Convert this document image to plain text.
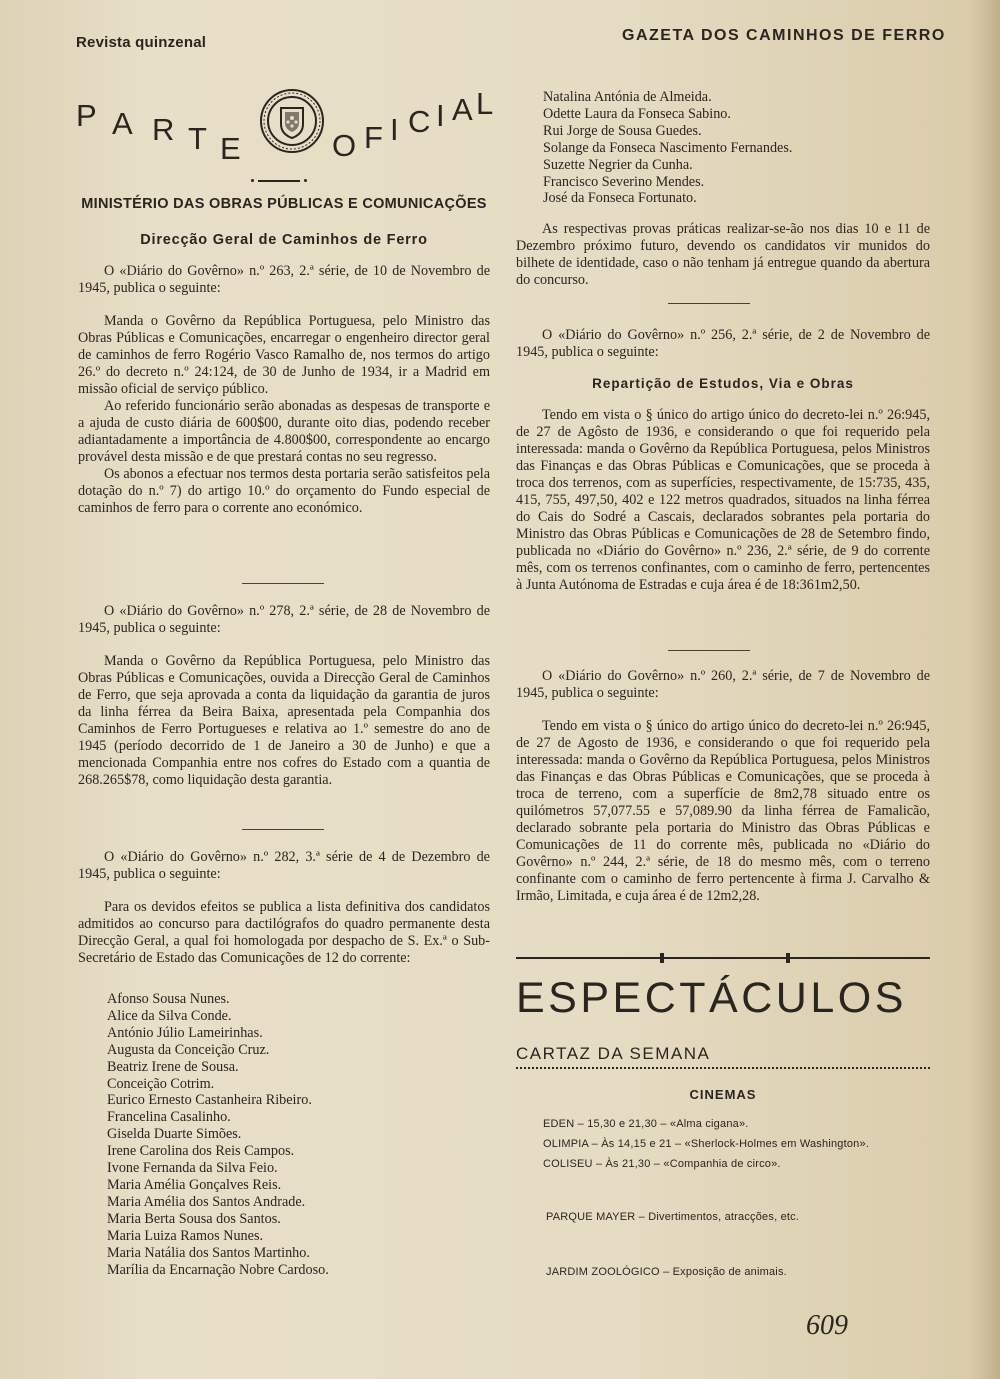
Revista quinzenal	GAZETA DOS CAMINHOS DE FERRO
P A R T E	O F I C I A L
MINISTÉRIO DAS OBRAS PÚBLICAS E COMUNICAÇÕES
Direcção Geral de Caminhos de Ferro

O «Diário do Govêrno» n.º 263, 2.ª série, de 10 de Novembro de 1945, publica o seguinte:

Manda o Govêrno da República Portuguesa, pelo Ministro das Obras Públicas e Comunicações, encarregar o engenheiro director geral de caminhos de ferro Rogério Vasco Ramalho de, nos termos do artigo 26.º do decreto n.º 24:124, de 30 de Junho de 1934, ir a Madrid em missão oficial de serviço público.

Ao referido funcionário serão abonadas as despesas de transporte e a ajuda de custo diária de 600$00, durante oito dias, podendo receber adiantadamente a importância de 4.800$00, correspondente ao encargo provável desta missão e de que prestará contas no seu regresso.

Os abonos a efectuar nos termos desta portaria serão satisfeitos pela dotação do n.º 7) do artigo 10.º do orçamento do Fundo especial de caminhos de ferro para o corrente ano económico.

O «Diário do Govêrno» n.º 278, 2.ª série, de 28 de Novembro de 1945, publica o seguinte:

Manda o Govêrno da República Portuguesa, pelo Ministro das Obras Públicas e Comunicações, ouvida a Direcção Geral de Caminhos de Ferro, que seja aprovada a conta da liquidação da garantia de juros da linha férrea da Beira Baixa, apresentada pela Companhia dos Caminhos de Ferro Portugueses e relativa ao 1.º semestre do ano de 1945 (período decorrido de 1 de Janeiro a 30 de Junho) e que a mencionada Companhia entre nos cofres do Estado com a quantia de 268.265$78, como liquidação desta garantia.

O «Diário do Govêrno» n.º 282, 3.ª série de 4 de Dezembro de 1945, publica o seguinte:

Para os devidos efeitos se publica a lista definitiva dos candidatos admitidos ao concurso para dactilógrafos do quadro permanente desta Direcção Geral, a qual foi homologada por despacho de S. Ex.ª o Sub-Secretário de Estado das Comunicações de 12 do corrente:

Afonso Sousa Nunes.
Alice da Silva Conde.
António Júlio Lameirinhas.
Augusta da Conceição Cruz.
Beatriz Irene de Sousa.
Conceição Cotrim.
Eurico Ernesto Castanheira Ribeiro.
Francelina Casalinho.
Giselda Duarte Simões.
Irene Carolina dos Reis Campos.
Ivone Fernanda da Silva Feio.
Maria Amélia Gonçalves Reis.
Maria Amélia dos Santos Andrade.
Maria Berta Sousa dos Santos.
Maria Luiza Ramos Nunes.
Maria Natália dos Santos Martinho.
Marília da Encarnação Nobre Cardoso.
Natalina Antónia de Almeida.
Odette Laura da Fonseca Sabino.
Rui Jorge de Sousa Guedes.
Solange da Fonseca Nascimento Fernandes.
Suzette Negrier da Cunha.
Francisco Severino Mendes.
José da Fonseca Fortunato.

As respectivas provas práticas realizar-se-ão nos dias 10 e 11 de Dezembro próximo futuro, devendo os candidatos vir munidos do bilhete de identidade, caso o não tenham já entregue quando da abertura do concurso.

O «Diário do Govêrno» n.º 256, 2.ª série, de 2 de Novembro de 1945, publica o seguinte:

Repartição de Estudos, Via e Obras

Tendo em vista o § único do artigo único do decreto-lei n.º 26:945, de 27 de Agôsto de 1936, e considerando o que foi requerido pela interessada: manda o Govêrno da República Portuguesa, pelos Ministros das Finanças e das Obras Públicas e Comunicações, que se proceda à troca dos terrenos, com as superfícies, respectivamente, de 15:735, 435, 415, 755, 497,50, 402 e 122 metros quadrados, situados na linha férrea do Cais do Sodré a Cascais, declarados sobrantes pela portaria do Ministro das Obras Públicas e Comunicações de 28 de Setembro findo, publicada no «Diário do Govêrno» n.º 236, 2.ª série, de 9 do corrente mês, com os terrenos confinantes, com o caminho de ferro, pertencentes à Junta Autónoma de Estradas e cuja área é de 18:361m2,50.

O «Diário do Govêrno» n.º 260, 2.ª série, de 7 de Novembro de 1945, publica o seguinte:

Tendo em vista o § único do artigo único do decreto-lei n.º 26:945, de 27 de Agosto de 1936, e considerando o que foi requerido pela interessada: manda o Govêrno da República Portuguesa, pelos Ministros das Finanças e das Obras Públicas e Comunicações, que se proceda à troca de terreno, com a superfície de 8m2,78 situado entre os quilómetros 57,077.55 e 57,089.90 da linha férrea de Famalicão, declarado sobrante pela portaria do Ministro das Obras Públicas e Comunicações de 11 do corrente mês, publicada no «Diário do Govêrno» n.º 244, 2.ª série, de 18 do mesmo mês, com o terreno confinante com o caminho de ferro pertencente à firma J. Carvalho & Irmão, Limitada, e cuja área é de 12m2,28.

ESPECTÁCULOS
CARTAZ DA SEMANA
CINEMAS
EDEN – 15,30 e 21,30 – «Alma cigana».
OLIMPIA – Às 14,15 e 21 – «Sherlock-Holmes em Washington».
COLISEU – Às 21,30 – «Companhia de circo».
PARQUE MAYER – Divertimentos, atracções, etc.
JARDIM ZOOLÓGICO – Exposição de animais.
609
